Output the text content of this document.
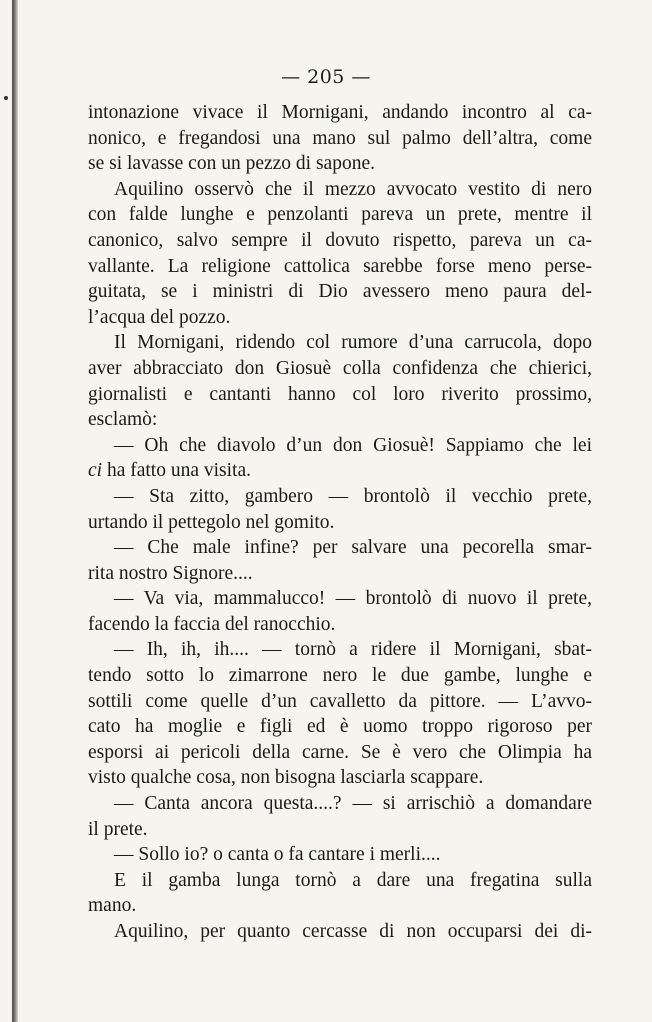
— 205 —
intonazione vivace il Mornigani, andando incontro al ca-
nonico, e fregandosi una mano sul palmo dell’altra, come
se si lavasse con un pezzo di sapone.
Aquilino osservò che il mezzo avvocato vestito di nero
con falde lunghe e penzolanti pareva un prete, mentre il
canonico, salvo sempre il dovuto rispetto, pareva un ca-
vallante. La religione cattolica sarebbe forse meno perse-
guitata, se i ministri di Dio avessero meno paura del-
l’acqua del pozzo.
Il Mornigani, ridendo col rumore d’una carrucola, dopo
aver abbracciato don Giosuè colla confidenza che chierici,
giornalisti e cantanti hanno col loro riverito prossimo,
esclamò:
— Oh che diavolo d’un don Giosuè! Sappiamo che lei
ci ha fatto una visita.
— Sta zitto, gambero — brontolò il vecchio prete,
urtando il pettegolo nel gomito.
— Che male infine? per salvare una pecorella smar-
rita nostro Signore....
— Va via, mammalucco! — brontolò di nuovo il prete,
facendo la faccia del ranocchio.
— Ih, ih, ih.... — tornò a ridere il Mornigani, sbat-
tendo sotto lo zimarrone nero le due gambe, lunghe e
sottili come quelle d’un cavalletto da pittore. — L’avvo-
cato ha moglie e figli ed è uomo troppo rigoroso per
esporsi ai pericoli della carne. Se è vero che Olimpia ha
visto qualche cosa, non bisogna lasciarla scappare.
— Canta ancora questa....? — si arrischiò a domandare
il prete.
— Sollo io? o canta o fa cantare i merli....
E il gamba lunga tornò a dare una fregatina sulla
mano.
Aquilino, per quanto cercasse di non occuparsi dei di-
